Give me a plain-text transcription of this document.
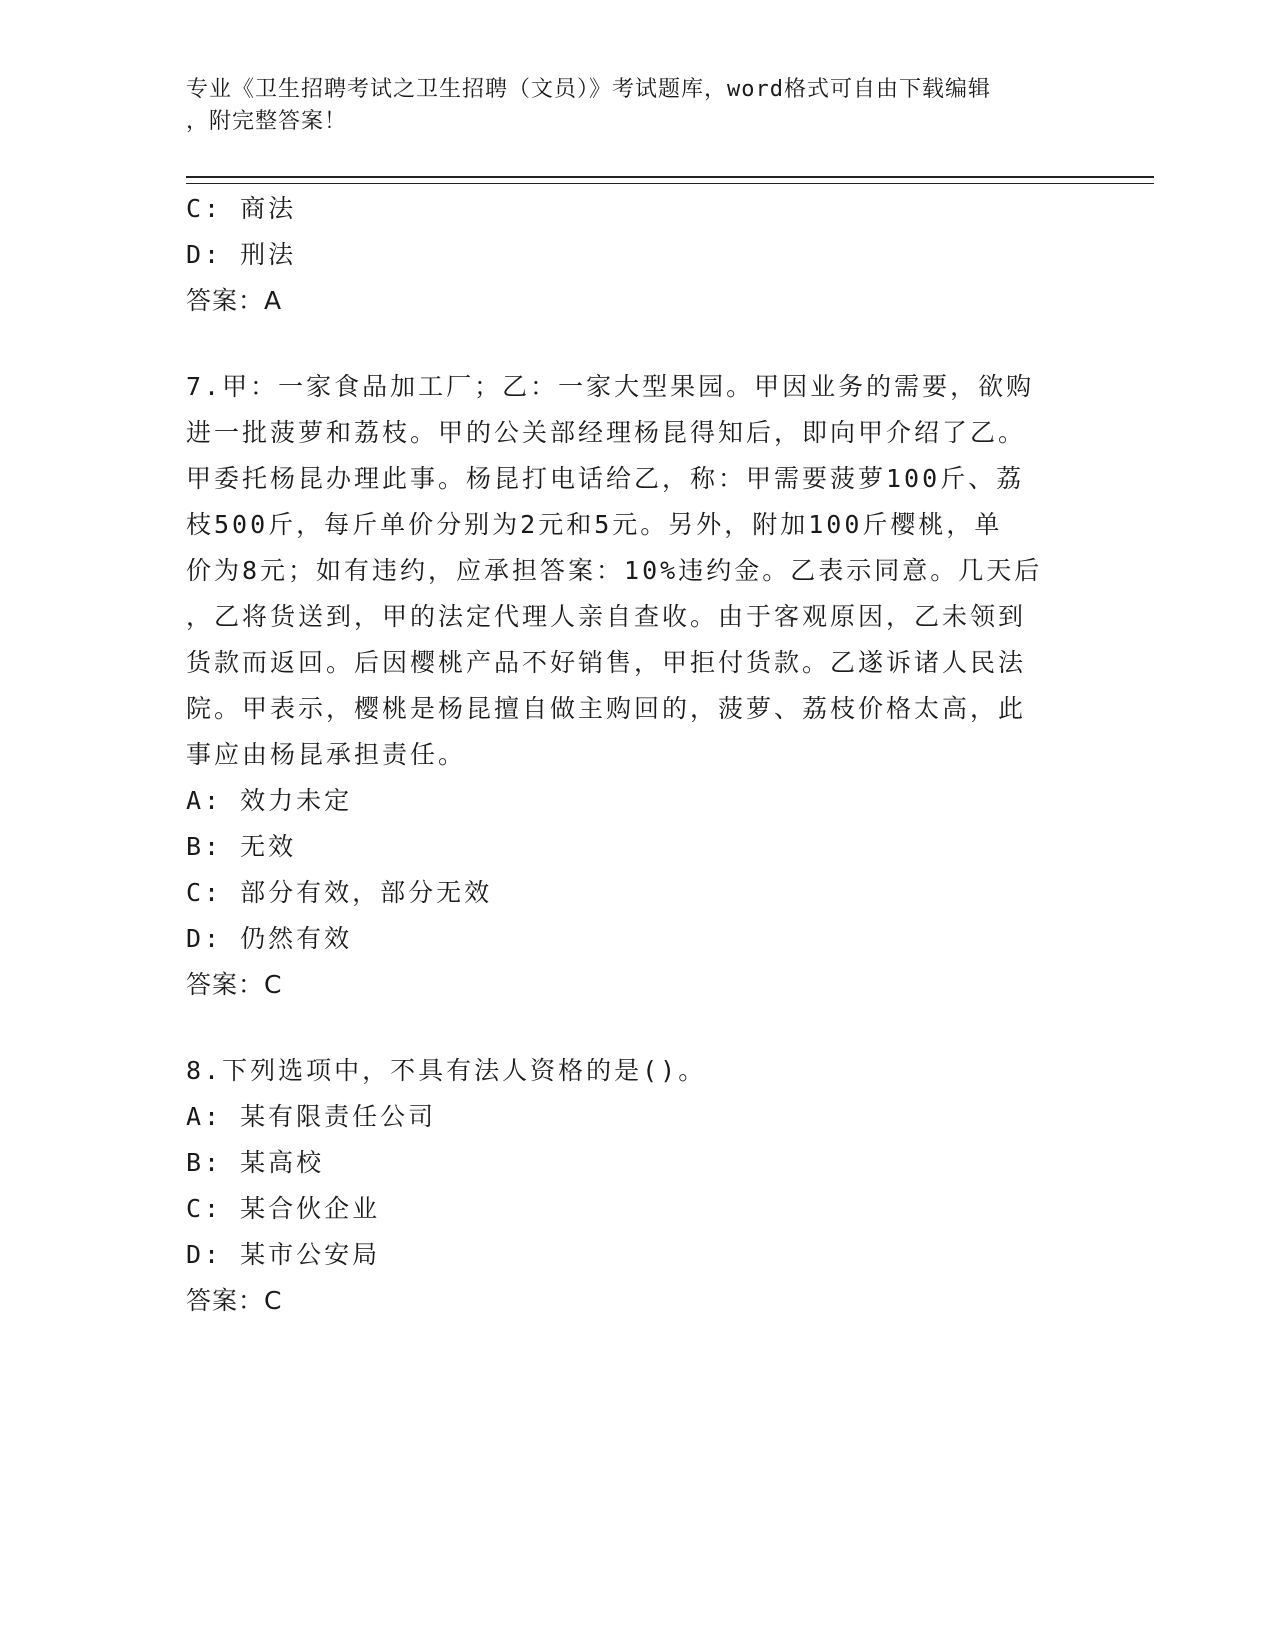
专业《卫生招聘考试之卫生招聘（文员）》考试题库，word格式可自由下载编辑
，附完整答案！
C: 商法
D: 刑法
答案：A
7.甲：一家食品加工厂；乙：一家大型果园。甲因业务的需要，欲购
进一批菠萝和荔枝。甲的公关部经理杨昆得知后，即向甲介绍了乙。
甲委托杨昆办理此事。杨昆打电话给乙，称：甲需要菠萝100斤、荔
枝500斤，每斤单价分别为2元和5元。另外，附加100斤樱桃，单
价为8元；如有违约，应承担答案：10%违约金。乙表示同意。几天后
，乙将货送到，甲的法定代理人亲自查收。由于客观原因，乙未领到
货款而返回。后因樱桃产品不好销售，甲拒付货款。乙遂诉诸人民法
院。甲表示，樱桃是杨昆擅自做主购回的，菠萝、荔枝价格太高，此
事应由杨昆承担责任。
A: 效力未定
B: 无效
C: 部分有效，部分无效
D: 仍然有效
答案：C
8.下列选项中，不具有法人资格的是()。
A: 某有限责任公司
B: 某高校
C: 某合伙企业
D: 某市公安局
答案：C
